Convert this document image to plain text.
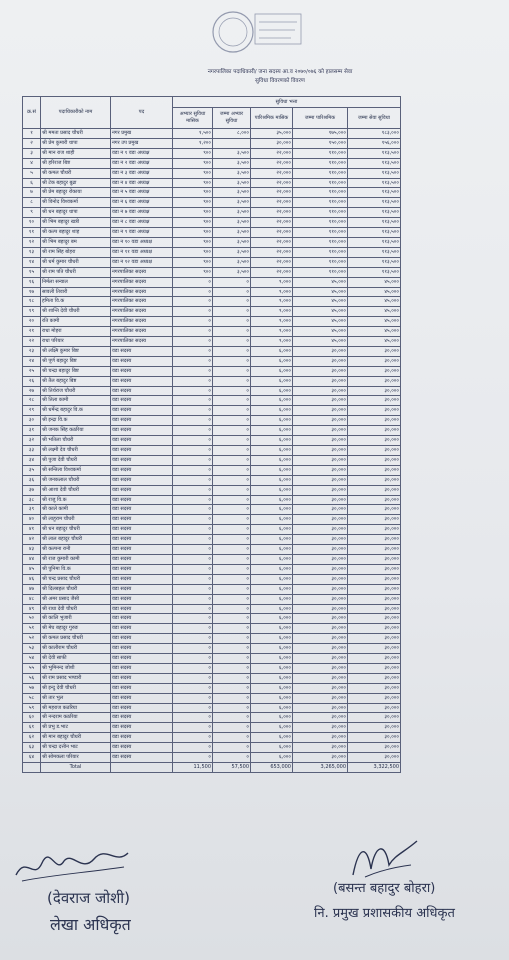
नगरपालिका पदाधिकारी/ जना सदस्य आ.व २०७०/०७६ को हालसम्म सेवा
सुविधा विवरणको विवरण
क्र.सं	पदाधिकारीको नाम	पद	सुविधा भत्ता				
			अभ्यार सुविधा मासिक	जम्मा अभ्यार सुविधा	पारिश्रमिक मासिक	जम्मा पारिश्रमिक	जम्मा सेवा सुविधा
१	श्री ममता प्रसाद चौधरी	नगर प्रमुख	१,५००	८,०००	३५,०००	१७५,०००	१८३,०००
२	श्री प्रेम कुमारी थापा	नगर उप प्रमुख	१,२००		३०,०००	१५०,०००	१५६,०००
३	श्री मान राज शाही	वडा न १ वडा अध्यक्ष	९००	३,५००	२२,०००	११०,०००	११३,५००
४	श्री हरिराज बिष्ट	वडा न २ वडा अध्यक्ष	९००	३,५००	२२,०००	११०,०००	११३,५००
५	श्री कमल चौधरी	वडा न ३ वडा अध्यक्ष	९००	३,५००	२२,०००	११०,०००	११३,५००
६	श्री टेक बहादुर बुढा	वडा न ४ वडा अध्यक्ष	९००	३,५००	२२,०००	११०,०००	११३,५००
७	श्री प्रेम बहादुर रोकाया	वडा न ५ वडा अध्यक्ष	९००	३,५००	२२,०००	११०,०००	११३,५००
८	श्री विनोद विश्वकर्मा	वडा न ६ वडा अध्यक्ष	९००	३,५००	२२,०००	११०,०००	११३,५००
९	श्री धन बहादुर थापा	वडा न ७ वडा अध्यक्ष	९००	३,५००	२२,०००	११०,०००	११३,५००
१०	श्री भिम बहादुर खत्री	वडा न ८ वडा अध्यक्ष	९००	३,५००	२२,०००	११०,०००	११३,५००
११	श्री कल्प बहादुर शाह	वडा न ९ वडा अध्यक्ष	९००	३,५००	२२,०००	११०,०००	११३,५००
१२	श्री भिम बहादुर बम	वडा न १० वडा अध्यक्ष	९००	३,५००	२२,०००	११०,०००	११३,५००
१३	श्री राम सिंह बोहरा	वडा न ११ वडा अध्यक्ष	९००	३,५००	२२,०००	११०,०००	११३,५००
१४	श्री धर्म कुमार चौधरी	वडा न १२ वडा अध्यक्ष	९००	३,५००	२२,०००	११०,०००	११३,५००
१५	श्री राम पति चौधरी	नगरपालिका सदस्य	९००	३,५००	२२,०००	११०,०००	११३,५००
१६	निर्मला सन्याल	नगरपालिका सदस्य	०	०	९,०००	४५,०००	४५,०००
१७	सावली तिवारी	नगरपालिका सदस्य	०	०	९,०००	४५,०००	४५,०००
१८	हमिता वि.क	नगरपालिका सदस्य	०	०	९,०००	४५,०००	४५,०००
१९	श्री शान्ति देवी चौधरी	नगरपालिका सदस्य	०	०	९,०००	४५,०००	४५,०००
२०	रति कामी	नगरपालिका सदस्य	०	०	९,०००	४५,०००	४५,०००
२१	राधा मोहरा	नगरपालिका सदस्य	०	०	९,०००	४५,०००	४५,०००
२२	राधा परियार	नगरपालिका सदस्य	०	०	९,०००	४५,०००	४५,०००
२३	श्री लक्ष्मि कुमार बिष्ट	वडा सदस्य	०	०	६,०००	३०,०००	३०,०००
२४	श्री पूर्ण बहादुर बिष्ट	वडा सदस्य	०	०	६,०००	३०,०००	३०,०००
२५	श्री चन्द्रा बहादुर बिष्ट	वडा सदस्य	०	०	६,०००	३०,०००	३०,०००
२६	श्री तैल बहादुर बिष्ट	वडा सदस्य	०	०	६,०००	३०,०००	३०,०००
२७	श्री तिर्थराज चौधरी	वडा सदस्य	०	०	६,०००	३०,०००	३०,०००
२८	श्री तिला कामी	वडा सदस्य	०	०	६,०००	३०,०००	३०,०००
२९	श्री धर्मेन्द्र बहादुर वि.क	वडा सदस्य	०	०	६,०००	३०,०००	३०,०००
३०	श्री इन्द्रा वि.क	वडा सदस्य	०	०	६,०००	३०,०००	३०,०००
३१	श्री जनक सिंह कठरिया	वडा सदस्य	०	०	६,०००	३०,०००	३०,०००
३२	श्री भतिला चौधरी	वडा सदस्य	०	०	६,०००	३०,०००	३०,०००
३३	श्री लक्ष्मी देव चौधरी	वडा सदस्य	०	०	६,०००	३०,०००	३०,०००
३४	श्री पुजा देवी चौधरी	वडा सदस्य	०	०	६,०००	३०,०००	३०,०००
३५	श्री सन्तिला विश्वकर्मा	वडा सदस्य	०	०	६,०००	३०,०००	३०,०००
३६	श्री जनकलाल चौधरी	वडा सदस्य	०	०	६,०००	३०,०००	३०,०००
३७	श्री आशा देवी चौधरी	वडा सदस्य	०	०	६,०००	३०,०००	३०,०००
३८	श्री राजु वि.क	वडा सदस्य	०	०	६,०००	३०,०००	३०,०००
३९	श्री काले कामी	वडा सदस्य	०	०	६,०००	३०,०००	३०,०००
४०	श्री लाहुराम चौधरी	वडा सदस्य	०	०	६,०००	३०,०००	३०,०००
४१	श्री धन बहादुर चौधरी	वडा सदस्य	०	०	६,०००	३०,०००	३०,०००
४२	श्री लाल बहादुर चौधरी	वडा सदस्य	०	०	६,०००	३०,०००	३०,०००
४३	श्री कल्पना रानी	वडा सदस्य	०	०	६,०००	३०,०००	३०,०००
४४	श्री राज कुमारी कामी	वडा सदस्य	०	०	६,०००	३०,०००	३०,०००
४५	श्री पुनिमा वि.क	वडा सदस्य	०	०	६,०००	३०,०००	३०,०००
४६	श्री चन्द्र प्रसाद चौधरी	वडा सदस्य	०	०	६,०००	३०,०००	३०,०००
४७	श्री दिलबहल चौधरी	वडा सदस्य	०	०	६,०००	३०,०००	३०,०००
४८	श्री अमर प्रसाद जैसी	वडा सदस्य	०	०	६,०००	३०,०००	३०,०००
४९	श्री राधा देवी चौधरी	वडा सदस्य	०	०	६,०००	३०,०००	३०,०००
५०	श्री कालि भुजारी	वडा सदस्य	०	०	६,०००	३०,०००	३०,०००
५१	श्री मेघ बहादुर गुरुङ	वडा सदस्य	०	०	६,०००	३०,०००	३०,०००
५२	श्री कमल प्रसाद चौधरी	वडा सदस्य	०	०	६,०००	३०,०००	३०,०००
५३	श्री कालीराम चौधरी	वडा सदस्य	०	०	६,०००	३०,०००	३०,०००
५४	श्री देवी साफी	वडा सदस्य	०	०	६,०००	३०,०००	३०,०००
५५	श्री भुमिनन्द जोशी	वडा सदस्य	०	०	६,०००	३०,०००	३०,०००
५६	श्री राम प्रसाद भण्डारी	वडा सदस्य	०	०	६,०००	३०,०००	३०,०००
५७	श्री इन्दु देवी चौधरी	वडा सदस्य	०	०	६,०००	३०,०००	३०,०००
५८	श्री तार भुल	वडा सदस्य	०	०	६,०००	३०,०००	३०,०००
५९	श्री महराज कठरिया	वडा सदस्य	०	०	६,०००	३०,०००	३०,०००
६०	श्री नन्दराम कठरिया	वडा सदस्य	०	०	६,०००	३०,०००	३०,०००
६१	श्री प्रभु ड.भाट	वडा सदस्य	०	०	६,०००	३०,०००	३०,०००
६२	श्री मान बहादुर चौधरी	वडा सदस्य	०	०	६,०००	३०,०००	३०,०००
६३	श्री चन्द्रा दत्तीन भाट	वडा सदस्य	०	०	६,०००	३०,०००	३०,०००
६४	श्री सोमकला परियार	वडा सदस्य	०	०	६,०००	३०,०००	३०,०००
	Total		11,500	57,500	653,000	3,265,000	3,322,500
(देवराज जोशी)
लेखा अधिकृत
(बसन्त बहादुर बोहरा)
नि. प्रमुख प्रशासकीय अधिकृत
